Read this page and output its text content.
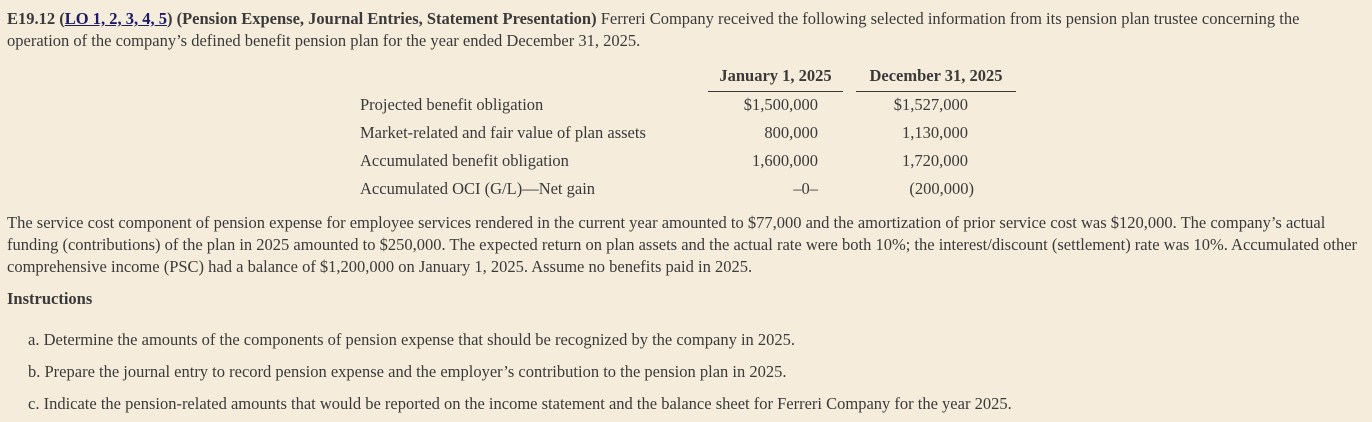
E19.12 (LO 1, 2, 3, 4, 5) (Pension Expense, Journal Entries, Statement Presentation) Ferreri Company received the following selected information from its pension plan trustee concerning the operation of the company’s defined benefit pension plan for the year ended December 31, 2025.
January 1, 2025	December 31, 2025
Projected benefit obligation	$1,500,000	$1,527,000
Market-related and fair value of plan assets	800,000	1,130,000
Accumulated benefit obligation	1,600,000	1,720,000
Accumulated OCI (G/L)—Net gain	–0–	(200,000)
The service cost component of pension expense for employee services rendered in the current year amounted to $77,000 and the amortization of prior service cost was $120,000. The company’s actual funding (contributions) of the plan in 2025 amounted to $250,000. The expected return on plan assets and the actual rate were both 10%; the interest/discount (settlement) rate was 10%. Accumulated other comprehensive income (PSC) had a balance of $1,200,000 on January 1, 2025. Assume no benefits paid in 2025.
Instructions
a. Determine the amounts of the components of pension expense that should be recognized by the company in 2025.
b. Prepare the journal entry to record pension expense and the employer’s contribution to the pension plan in 2025.
c. Indicate the pension-related amounts that would be reported on the income statement and the balance sheet for Ferreri Company for the year 2025.
